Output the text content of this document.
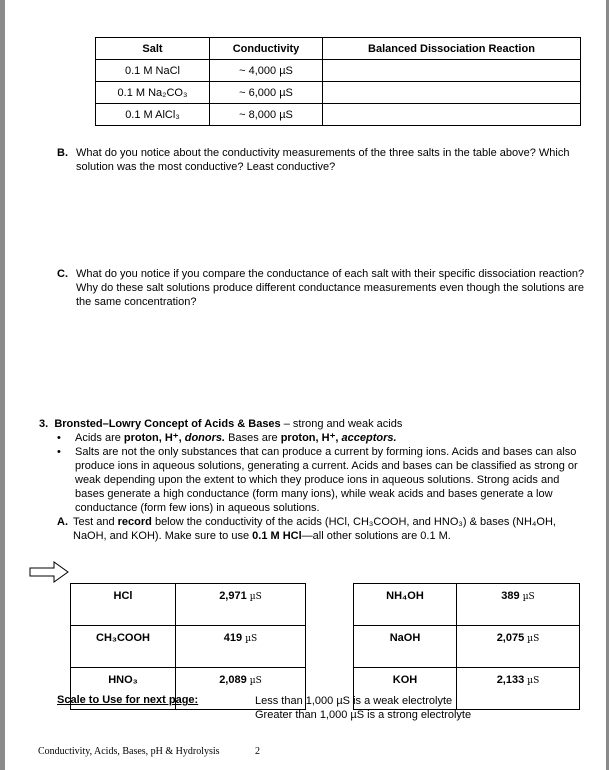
Salt	Conductivity	Balanced Dissociation Reaction
0.1 M NaCl	~ 4,000 µS	
0.1 M Na₂CO₃	~ 6,000 µS	
0.1 M AlCl₃	~ 8,000 µS	
B. What do you notice about the conductivity measurements of the three salts in the table above? Which solution was the most conductive? Least conductive?
C. What do you notice if you compare the conductance of each salt with their specific dissociation reaction? Why do these salt solutions produce different conductance measurements even though the solutions are the same concentration?
3. Bronsted–Lowry Concept of Acids & Bases – strong and weak acids
• Acids are proton, H⁺, donors. Bases are proton, H⁺, acceptors.
• Salts are not the only substances that can produce a current by forming ions. Acids and bases can also produce ions in aqueous solutions, generating a current. Acids and bases can be classified as strong or weak depending upon the extent to which they produce ions in aqueous solutions. Strong acids and bases generate a high conductance (form many ions), while weak acids and bases generate a low conductance (form few ions) in aqueous solutions.
A. Test and record below the conductivity of the acids (HCl, CH₃COOH, and HNO₃) & bases (NH₄OH, NaOH, and KOH). Make sure to use 0.1 M HCl—all other solutions are 0.1 M.
HCl	2,971 µS
CH₃COOH	419 µS
HNO₃	2,089 µS
NH₄OH	389 µS
NaOH	2,075 µS
KOH	2,133 µS
Scale to Use for next page:	Less than 1,000 µS is a weak electrolyte
Greater than 1,000 µS is a strong electrolyte
Conductivity, Acids, Bases, pH & Hydrolysis	2
